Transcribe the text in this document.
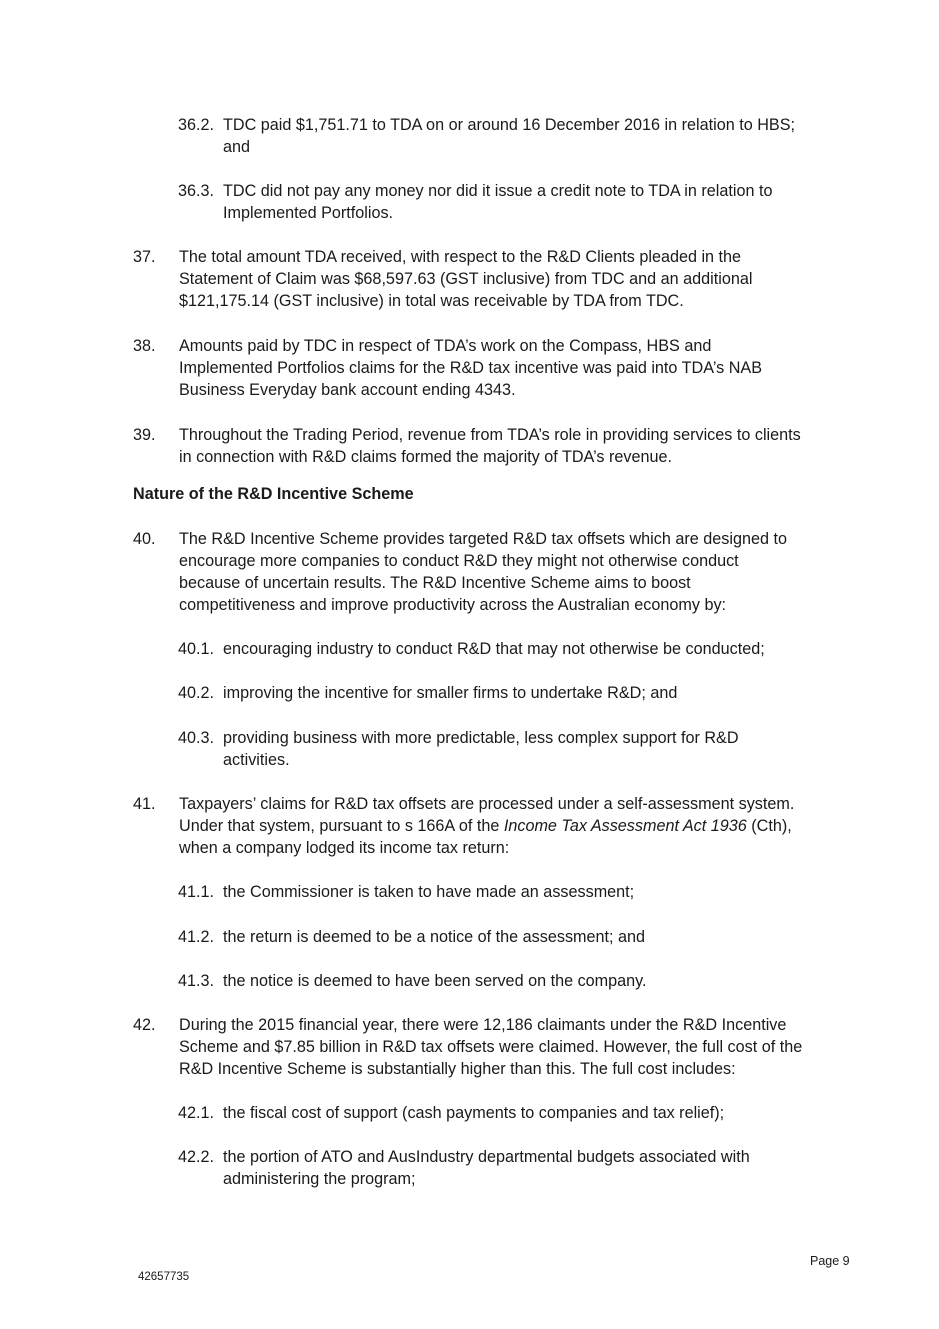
36.2. TDC paid $1,751.71 to TDA on or around 16 December 2016 in relation to HBS;
and
36.3. TDC did not pay any money nor did it issue a credit note to TDA in relation to
Implemented Portfolios.
37. The total amount TDA received, with respect to the R&D Clients pleaded in the
Statement of Claim was $68,597.63 (GST inclusive) from TDC and an additional
$121,175.14 (GST inclusive) in total was receivable by TDA from TDC.
38. Amounts paid by TDC in respect of TDA’s work on the Compass, HBS and
Implemented Portfolios claims for the R&D tax incentive was paid into TDA’s NAB
Business Everyday bank account ending 4343.
39. Throughout the Trading Period, revenue from TDA’s role in providing services to clients
in connection with R&D claims formed the majority of TDA’s revenue.
Nature of the R&D Incentive Scheme
40. The R&D Incentive Scheme provides targeted R&D tax offsets which are designed to
encourage more companies to conduct R&D they might not otherwise conduct
because of uncertain results. The R&D Incentive Scheme aims to boost
competitiveness and improve productivity across the Australian economy by:
40.1. encouraging industry to conduct R&D that may not otherwise be conducted;
40.2. improving the incentive for smaller firms to undertake R&D; and
40.3. providing business with more predictable, less complex support for R&D
activities.
41. Taxpayers’ claims for R&D tax offsets are processed under a self-assessment system.
Under that system, pursuant to s 166A of the Income Tax Assessment Act 1936 (Cth),
when a company lodged its income tax return:
41.1. the Commissioner is taken to have made an assessment;
41.2. the return is deemed to be a notice of the assessment; and
41.3. the notice is deemed to have been served on the company.
42. During the 2015 financial year, there were 12,186 claimants under the R&D Incentive
Scheme and $7.85 billion in R&D tax offsets were claimed. However, the full cost of the
R&D Incentive Scheme is substantially higher than this. The full cost includes:
42.1. the fiscal cost of support (cash payments to companies and tax relief);
42.2. the portion of ATO and AusIndustry departmental budgets associated with
administering the program;
Page 9
42657735
